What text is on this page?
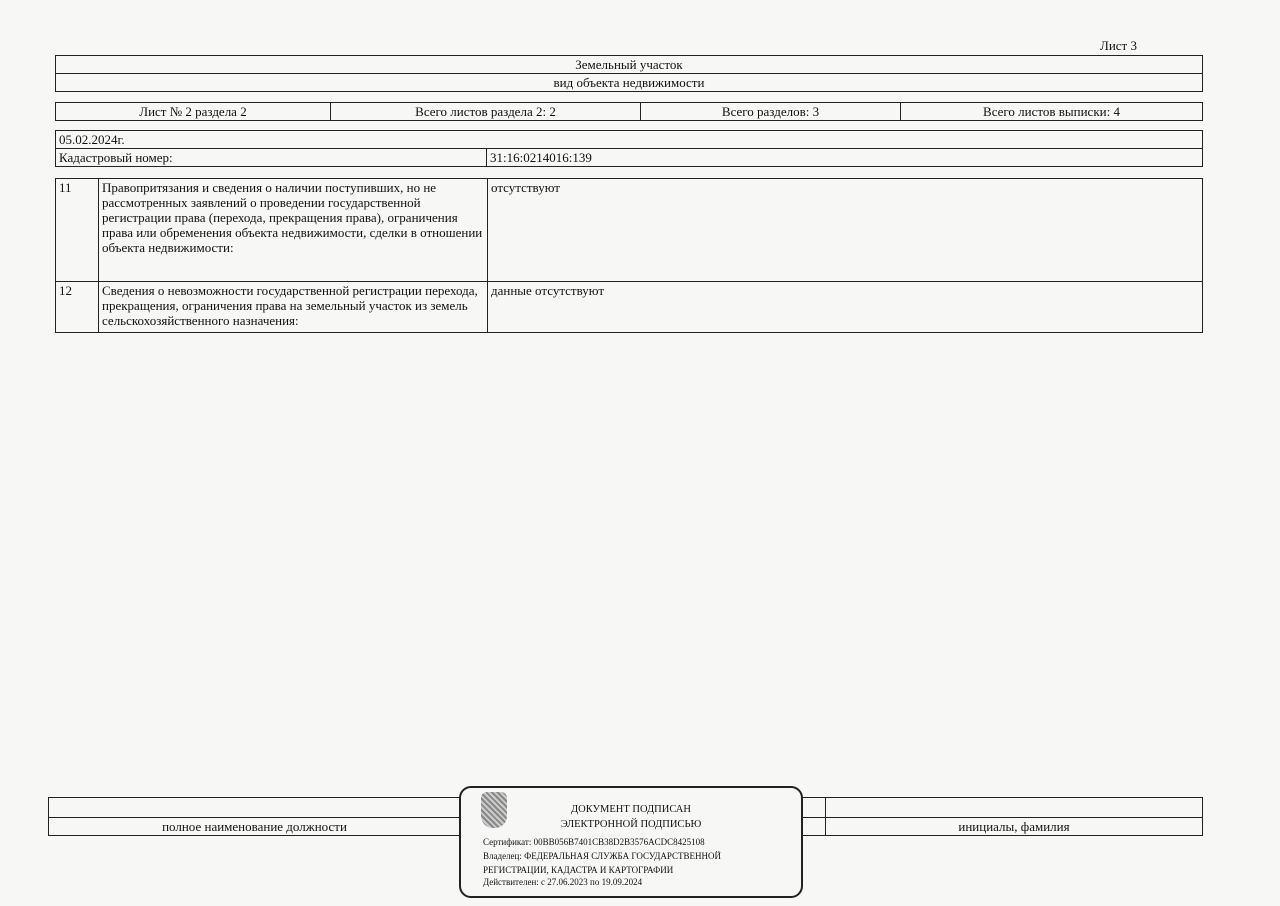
Лист 3
Земельный участок
вид объекта недвижимости
Лист № 2 раздела 2	Всего листов раздела 2: 2	Всего разделов: 3	Всего листов выписки: 4
05.02.2024г.
Кадастровый номер:	31:16:0214016:139
11	Правопритязания и сведения о наличии поступивших, но не рассмотренных заявлений о проведении государственной регистрации права (перехода, прекращения права), ограничения права или обременения объекта недвижимости, сделки в отношении объекта недвижимости:	отсутствуют
12	Сведения о невозможности государственной регистрации перехода, прекращения, ограничения права на земельный участок из земель сельскохозяйственного назначения:	данные отсутствуют

полное наименование должности		инициалы, фамилия
ДОКУМЕНТ ПОДПИСАН
ЭЛЕКТРОННОЙ ПОДПИСЬЮ
Сертификат: 00BB056B7401CB38D2B3576ACDC8425108
Владелец: ФЕДЕРАЛЬНАЯ СЛУЖБА ГОСУДАРСТВЕННОЙ
РЕГИСТРАЦИИ, КАДАСТРА И КАРТОГРАФИИ
Действителен: с 27.06.2023 по 19.09.2024
